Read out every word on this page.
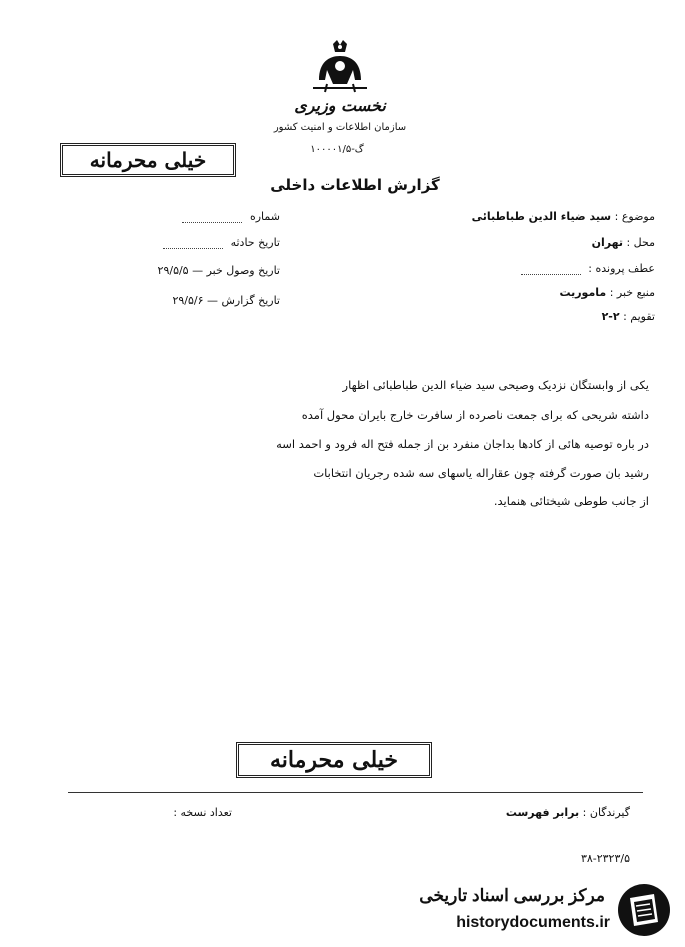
نخست وزیری
سازمان اطلاعات و امنیت کشور
گ-۱۰۰۰۰۱/۵
گزارش اطلاعات داخلی
خیلی محرمانه
شماره
تاریخ حادثه
تاریخ وصول خبر — ۲۹/۵/۵
تاریخ گزارش — ۲۹/۵/۶
موضوع : سید ضیاء الدین طباطبائی
محل : تهران
عطف پرونده :
منبع خبر : ماموریت
تقویم : ۲-۲
یکی از وابستگان نزدیک وصیحی سید ضیاء الدین طباطبائی اظهار
داشته شریحی که برای جمعت ناصرده از سافرت خارج بایران محول آمده
در باره توصیه هائی از کادها بداجان منفرد بن از جمله فتح اله فرود و احمد اسه
رشید بان صورت گرفته چون عقاراله یاسهای سه شده رجریان انتخابات
از جانب طوطی شیختائی هنماید.
خیلی محرمانه
گیرندگان : برابر فهرست
تعداد نسخه :
۳۸-۲۳۲۳/۵
مرکز بررسی اسناد تاریخی
historydocuments.ir
